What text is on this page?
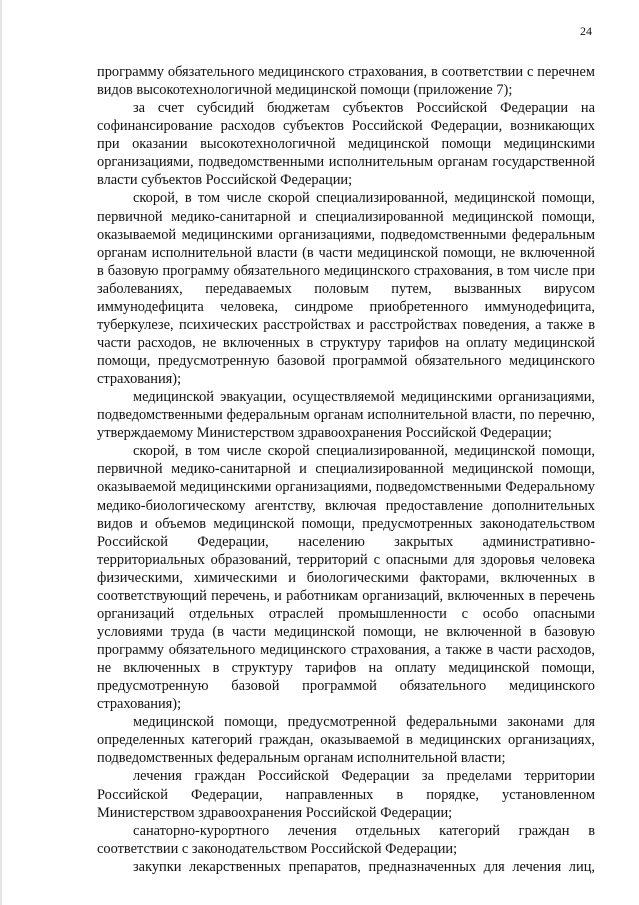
24

программу обязательного медицинского страхования, в соответствии с перечнем видов высокотехнологичной медицинской помощи (приложение 7);

за счет субсидий бюджетам субъектов Российской Федерации на софинансирование расходов субъектов Российской Федерации, возникающих при оказании высокотехнологичной медицинской помощи медицинскими организациями, подведомственными исполнительным органам государственной власти субъектов Российской Федерации;

скорой, в том числе скорой специализированной, медицинской помощи, первичной медико-санитарной и специализированной медицинской помощи, оказываемой медицинскими организациями, подведомственными федеральным органам исполнительной власти (в части медицинской помощи, не включенной в базовую программу обязательного медицинского страхования, в том числе при заболеваниях, передаваемых половым путем, вызванных вирусом иммунодефицита человека, синдроме приобретенного иммунодефицита, туберкулезе, психических расстройствах и расстройствах поведения, а также в части расходов, не включенных в структуру тарифов на оплату медицинской помощи, предусмотренную базовой программой обязательного медицинского страхования);

медицинской эвакуации, осуществляемой медицинскими организациями, подведомственными федеральным органам исполнительной власти, по перечню, утверждаемому Министерством здравоохранения Российской Федерации;

скорой, в том числе скорой специализированной, медицинской помощи, первичной медико-санитарной и специализированной медицинской помощи, оказываемой медицинскими организациями, подведомственными Федеральному медико-биологическому агентству, включая предоставление дополнительных видов и объемов медицинской помощи, предусмотренных законодательством Российской Федерации, населению закрытых административно-территориальных образований, территорий с опасными для здоровья человека физическими, химическими и биологическими факторами, включенных в соответствующий перечень, и работникам организаций, включенных в перечень организаций отдельных отраслей промышленности с особо опасными условиями труда (в части медицинской помощи, не включенной в базовую программу обязательного медицинского страхования, а также в части расходов, не включенных в структуру тарифов на оплату медицинской помощи, предусмотренную базовой программой обязательного медицинского страхования);

медицинской помощи, предусмотренной федеральными законами для определенных категорий граждан, оказываемой в медицинских организациях, подведомственных федеральным органам исполнительной власти;

лечения граждан Российской Федерации за пределами территории Российской Федерации, направленных в порядке, установленном Министерством здравоохранения Российской Федерации;

санаторно-курортного лечения отдельных категорий граждан в соответствии с законодательством Российской Федерации;

закупки лекарственных препаратов, предназначенных для лечения лиц,
